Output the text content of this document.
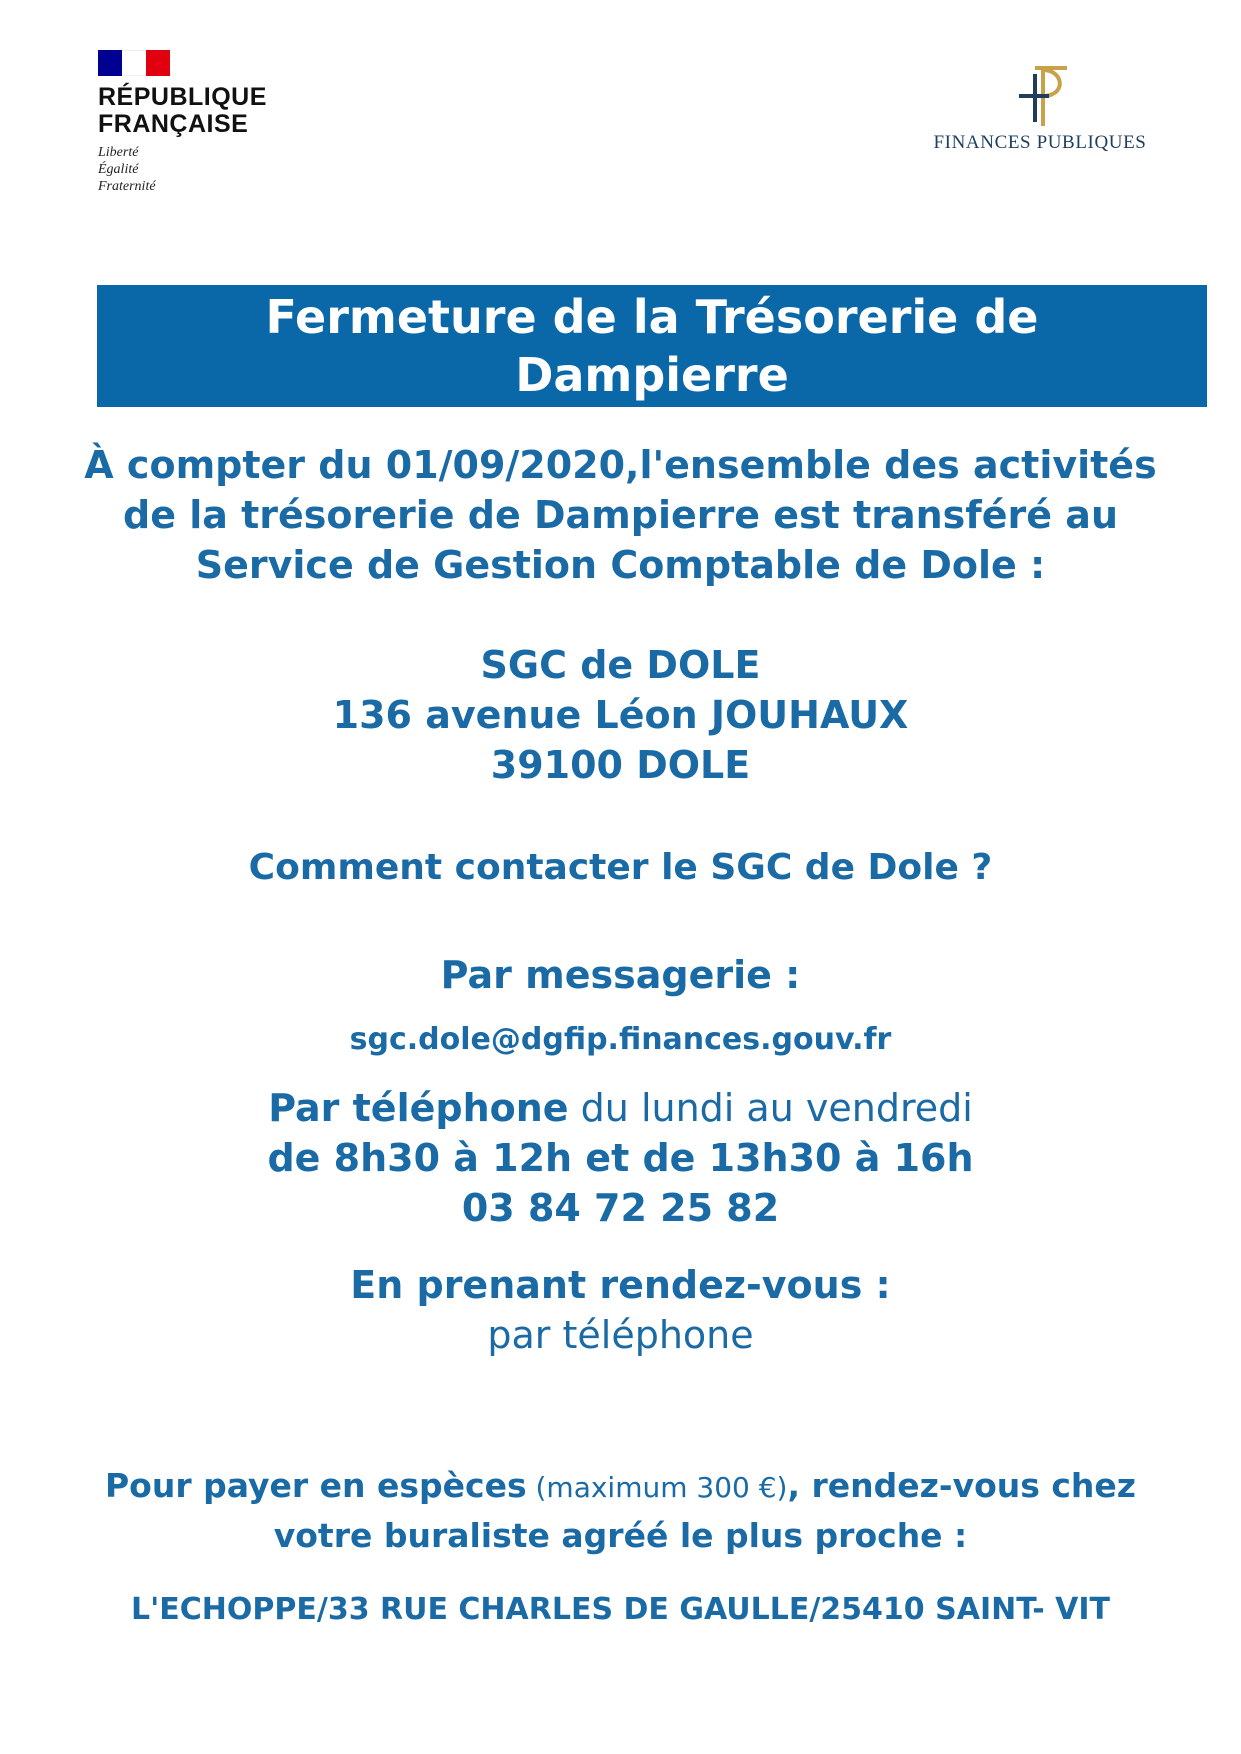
RÉPUBLIQUE
FRANÇAISE
Liberté
Égalité
Fraternité
FINANCES PUBLIQUES
Fermeture de la Trésorerie de Dampierre
À compter du 01/09/2020,l'ensemble des activités
de la trésorerie de Dampierre est transféré au
Service de Gestion Comptable de Dole :
SGC de DOLE
136 avenue Léon JOUHAUX
39100 DOLE
Comment contacter le SGC de Dole ?
Par messagerie :
sgc.dole@dgfip.finances.gouv.fr
Par téléphone du lundi au vendredi
de 8h30 à 12h et de 13h30 à 16h
03 84 72 25 82
En prenant rendez-vous :
par téléphone
Pour payer en espèces (maximum 300 €), rendez-vous chez
votre buraliste agréé le plus proche :
L'ECHOPPE/33 RUE CHARLES DE GAULLE/25410 SAINT- VIT
